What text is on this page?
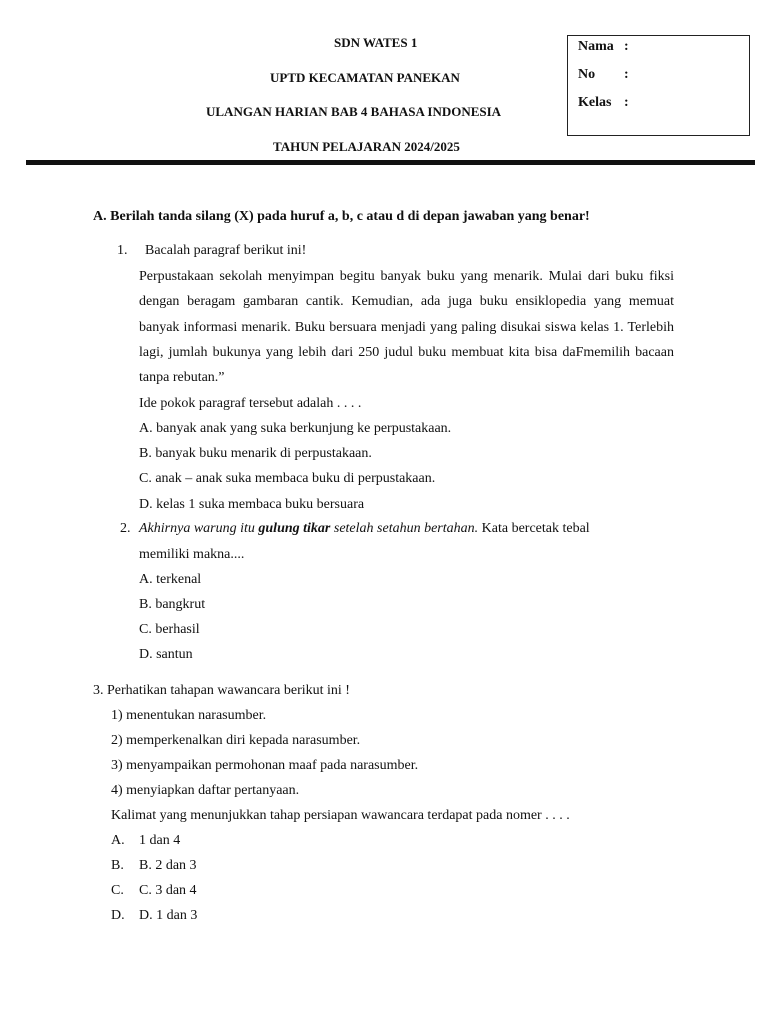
SDN WATES 1
UPTD KECAMATAN PANEKAN
ULANGAN HARIAN BAB 4 BAHASA INDONESIA
TAHUN PELAJARAN 2024/2025
Nama :
No :
Kelas :
A. Berilah tanda silang (X) pada huruf a, b, c atau d di depan jawaban yang benar!
1. Bacalah paragraf berikut ini!
Perpustakaan sekolah menyimpan begitu banyak buku yang menarik. Mulai dari buku fiksi dengan beragam gambaran cantik. Kemudian, ada juga buku ensiklopedia yang memuat banyak informasi menarik. Buku bersuara menjadi yang paling disukai siswa kelas 1. Terlebih lagi, jumlah bukunya yang lebih dari 250 judul buku membuat kita bisa daFmemilih bacaan tanpa rebutan.”
Ide pokok paragraf tersebut adalah . . . .
A. banyak anak yang suka berkunjung ke perpustakaan.
B. banyak buku menarik di perpustakaan.
C. anak – anak suka membaca buku di perpustakaan.
D. kelas 1 suka membaca buku bersuara
2. Akhirnya warung itu gulung tikar setelah setahun bertahan. Kata bercetak tebal
memiliki makna....
A. terkenal
B. bangkrut
C. berhasil
D. santun
3. Perhatikan tahapan wawancara berikut ini !
1) menentukan narasumber.
2) memperkenalkan diri kepada narasumber.
3) menyampaikan permohonan maaf pada narasumber.
4) menyiapkan daftar pertanyaan.
Kalimat yang menunjukkan tahap persiapan wawancara terdapat pada nomer . . . .
A. 1 dan 4
B. B. 2 dan 3
C. C. 3 dan 4
D. D. 1 dan 3
